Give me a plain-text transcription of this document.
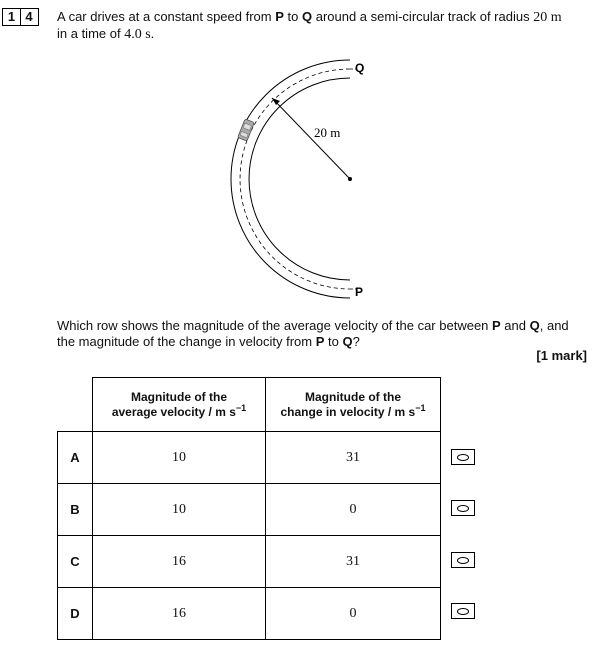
1 4	A car drives at a constant speed from P to Q around a semi-circular track of radius 20 m
in a time of 4.0 s.
20 m
Q
P
Which row shows the magnitude of the average velocity of the car between P and Q, and the magnitude of the change in velocity from P to Q?
[1 mark]
	Magnitude of the
average velocity / m $s^{-1}$	Magnitude of the
change in velocity / m $s^{-1}$
A	10	31
B	10	0
C	16	31
D	16	0
